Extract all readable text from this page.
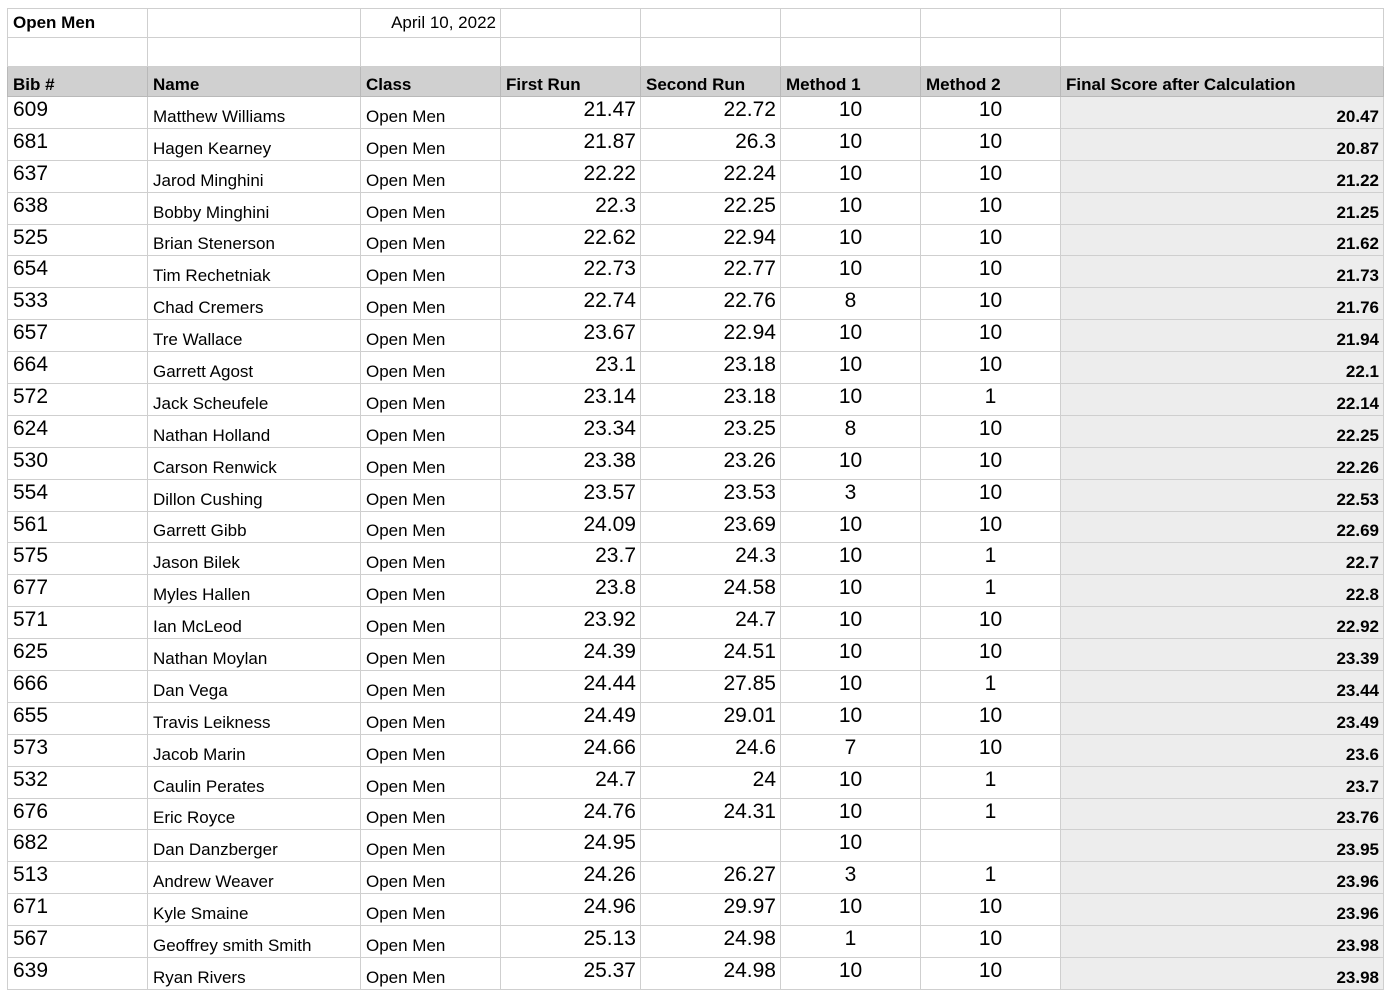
Open Men		April 10, 2022					

Bib #	Name	Class	First Run	Second Run	Method 1	Method 2	Final Score after Calculation
609	Matthew Williams	Open Men	21.47	22.72	10	10	20.47
681	Hagen Kearney	Open Men	21.87	26.3	10	10	20.87
637	Jarod Minghini	Open Men	22.22	22.24	10	10	21.22
638	Bobby Minghini	Open Men	22.3	22.25	10	10	21.25
525	Brian Stenerson	Open Men	22.62	22.94	10	10	21.62
654	Tim Rechetniak	Open Men	22.73	22.77	10	10	21.73
533	Chad Cremers	Open Men	22.74	22.76	8	10	21.76
657	Tre Wallace	Open Men	23.67	22.94	10	10	21.94
664	Garrett Agost	Open Men	23.1	23.18	10	10	22.1
572	Jack Scheufele	Open Men	23.14	23.18	10	1	22.14
624	Nathan Holland	Open Men	23.34	23.25	8	10	22.25
530	Carson Renwick	Open Men	23.38	23.26	10	10	22.26
554	Dillon Cushing	Open Men	23.57	23.53	3	10	22.53
561	Garrett Gibb	Open Men	24.09	23.69	10	10	22.69
575	Jason Bilek	Open Men	23.7	24.3	10	1	22.7
677	Myles Hallen	Open Men	23.8	24.58	10	1	22.8
571	Ian McLeod	Open Men	23.92	24.7	10	10	22.92
625	Nathan Moylan	Open Men	24.39	24.51	10	10	23.39
666	Dan Vega	Open Men	24.44	27.85	10	1	23.44
655	Travis Leikness	Open Men	24.49	29.01	10	10	23.49
573	Jacob Marin	Open Men	24.66	24.6	7	10	23.6
532	Caulin Perates	Open Men	24.7	24	10	1	23.7
676	Eric Royce	Open Men	24.76	24.31	10	1	23.76
682	Dan Danzberger	Open Men	24.95		10		23.95
513	Andrew Weaver	Open Men	24.26	26.27	3	1	23.96
671	Kyle Smaine	Open Men	24.96	29.97	10	10	23.96
567	Geoffrey smith Smith	Open Men	25.13	24.98	1	10	23.98
639	Ryan Rivers	Open Men	25.37	24.98	10	10	23.98
